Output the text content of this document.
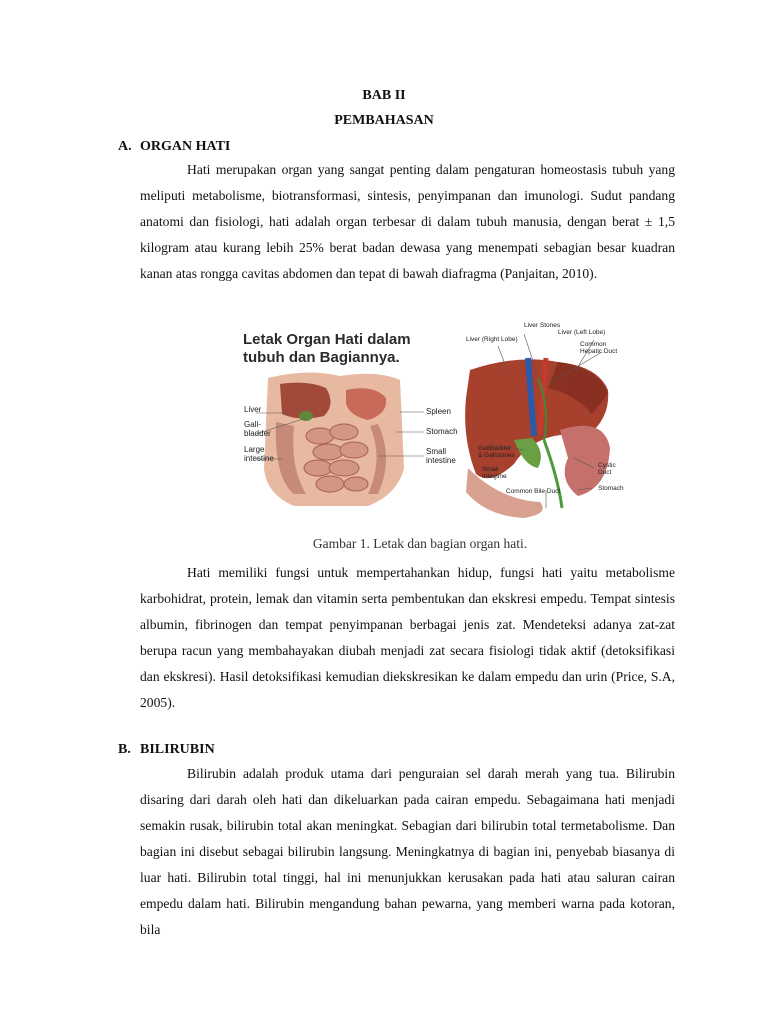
BAB II
PEMBAHASAN
A. ORGAN HATI

Hati merupakan organ yang sangat penting dalam pengaturan homeostasis tubuh yang meliputi metabolisme, biotransformasi, sintesis, penyimpanan dan imunologi. Sudut pandang anatomi dan fisiologi, hati adalah organ terbesar di dalam tubuh manusia, dengan berat ± 1,5 kilogram atau kurang lebih 25% berat badan dewasa yang menempati sebagian besar kuadran kanan atas rongga cavitas abdomen dan tepat di bawah diafragma (Panjaitan, 2010).

Letak Organ Hati dalam
tubuh dan Bagiannya.
Liver
Gall-
bladder
Large
intestine
Spleen
Stomach
Small
intestine
Liver Stones
Liver (Right Lobe)
Liver (Left Lobe)
Common
Hepatic Duct
Gallbladder
& Gallstones
Small
Intestine
Common Bile Duct
Cystic
Duct
Stomach
Gambar 1. Letak dan bagian organ hati.

Hati memiliki fungsi untuk mempertahankan hidup, fungsi hati yaitu metabolisme karbohidrat, protein, lemak dan vitamin serta pembentukan dan ekskresi empedu. Tempat sintesis albumin, fibrinogen dan tempat penyimpanan berbagai jenis zat. Mendeteksi adanya zat-zat berupa racun yang membahayakan diubah menjadi zat secara fisiologi tidak aktif (detoksifikasi dan ekskresi). Hasil detoksifikasi kemudian diekskresikan ke dalam empedu dan urin (Price, S.A, 2005).

B. BILIRUBIN

Bilirubin adalah produk utama dari penguraian sel darah merah yang tua. Bilirubin disaring dari darah oleh hati dan dikeluarkan pada cairan empedu. Sebagaimana hati menjadi semakin rusak, bilirubin total akan meningkat. Sebagian dari bilirubin total termetabolisme. Dan bagian ini disebut sebagai bilirubin langsung. Meningkatnya di bagian ini, penyebab biasanya di luar hati. Bilirubin total tinggi, hal ini menunjukkan kerusakan pada hati atau saluran cairan empedu dalam hati. Bilirubin mengandung bahan pewarna, yang memberi warna pada kotoran, bila
